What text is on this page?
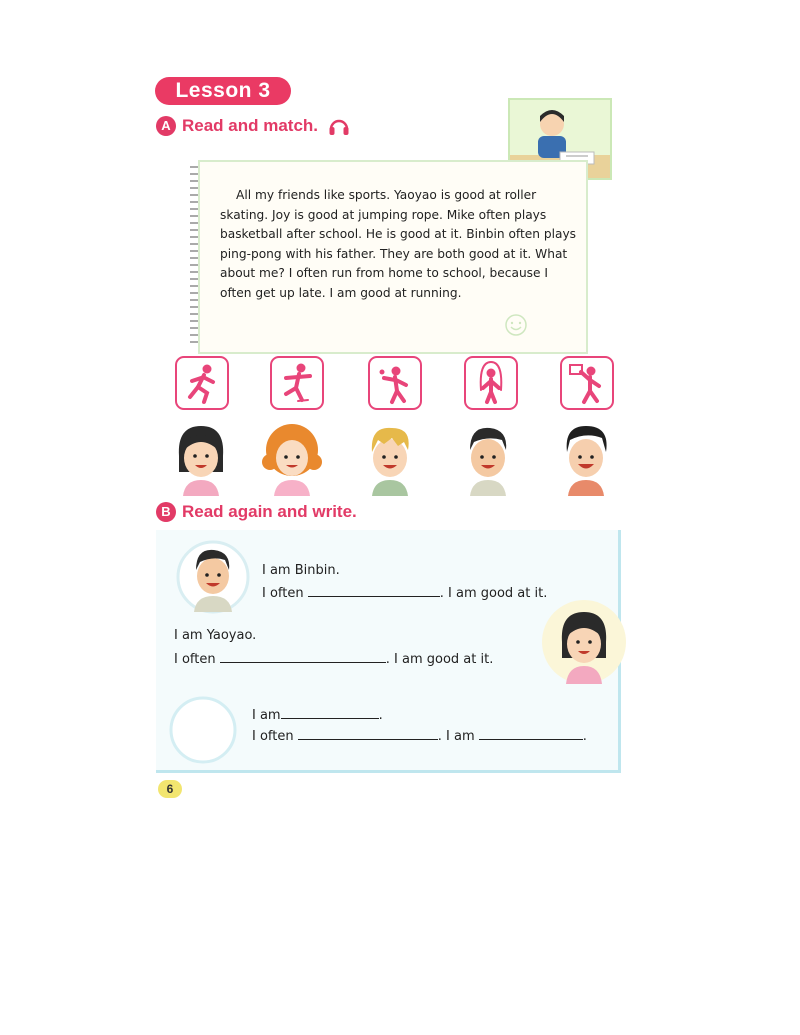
Lesson 3
A Read and match.

All my friends like sports. Yaoyao is good at roller skating. Joy is good at jumping rope. Mike often plays basketball after school. He is good at it. Binbin often plays ping-pong with his father. They are both good at it. What about me? I often run from home to school, because I often get up late. I am good at running.

B Read again and write.
I am Binbin.
I often	. I am good at it.
I am Yaoyao.
I often	. I am good at it.
I am	.
I often	. I am	.
6
